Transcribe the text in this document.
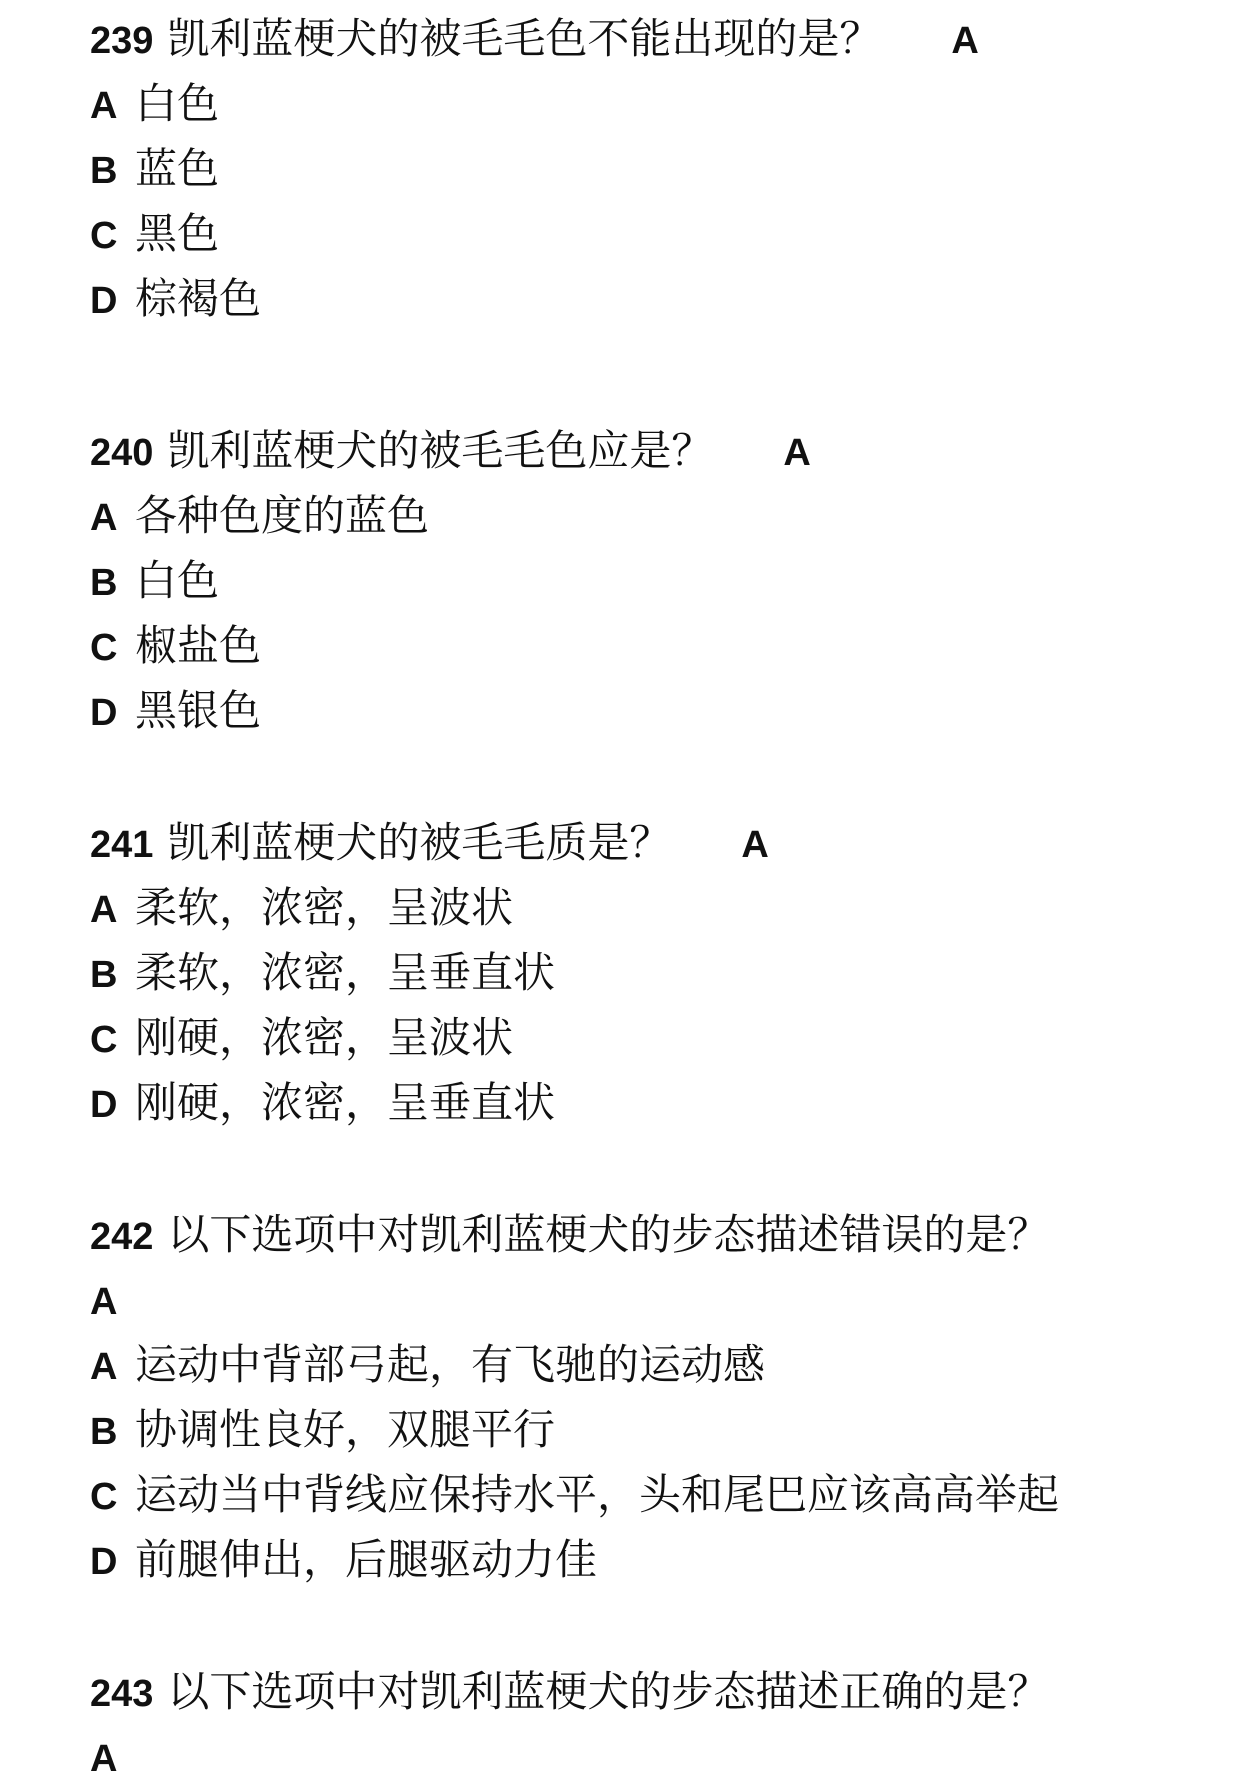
239 凯利蓝梗犬的被毛毛色不能出现的是？ A
A 白色
B 蓝色
C 黑色
D 棕褐色
240 凯利蓝梗犬的被毛毛色应是？ A
A 各种色度的蓝色
B 白色
C 椒盐色
D 黑银色
241 凯利蓝梗犬的被毛毛质是？ A
A 柔软，浓密，呈波状
B 柔软，浓密，呈垂直状
C 刚硬，浓密，呈波状
D 刚硬，浓密，呈垂直状
242 以下选项中对凯利蓝梗犬的步态描述错误的是？
A
A 运动中背部弓起，有飞驰的运动感
B 协调性良好，双腿平行
C 运动当中背线应保持水平，头和尾巴应该高高举起
D 前腿伸出，后腿驱动力佳
243 以下选项中对凯利蓝梗犬的步态描述正确的是？
A
